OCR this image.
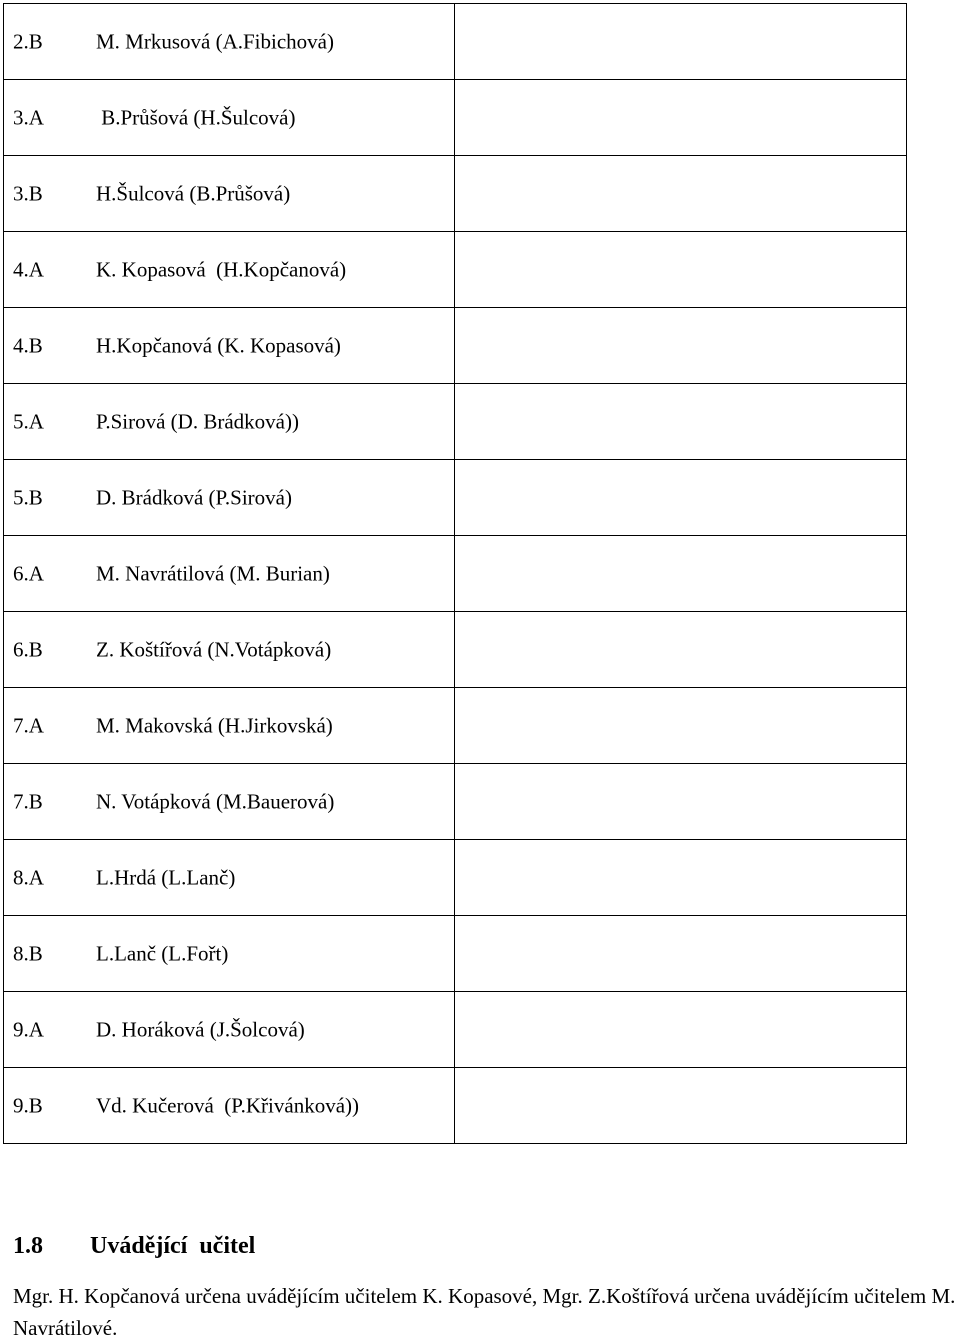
2.B M. Mrkusová (A.Fibichová)	

3.A B.Průšová (H.Šulcová)	

3.B H.Šulcová (B.Průšová)	

4.A K. Kopasová  (H.Kopčanová)	

4.B H.Kopčanová (K. Kopasová)	

5.A P.Sirová (D. Brádková))	

5.B D. Brádková (P.Sirová)	

6.A M. Navrátilová (M. Burian)	

6.B Z. Koštířová (N.Votápková)	

7.A M. Makovská (H.Jirkovská)	

7.B N. Votápková (M.Bauerová)	

8.A L.Hrdá (L.Lanč)	

8.B L.Lanč (L.Fořt)	

9.A D. Horáková (J.Šolcová)	

9.B Vd. Kučerová  (P.Křivánková))	

1.8 Uvádějící  učitel
Mgr. H. Kopčanová určena uvádějícím učitelem K. Kopasové, Mgr. Z.Koštířová určena uvádějícím učitelem M. Navrátilové.
